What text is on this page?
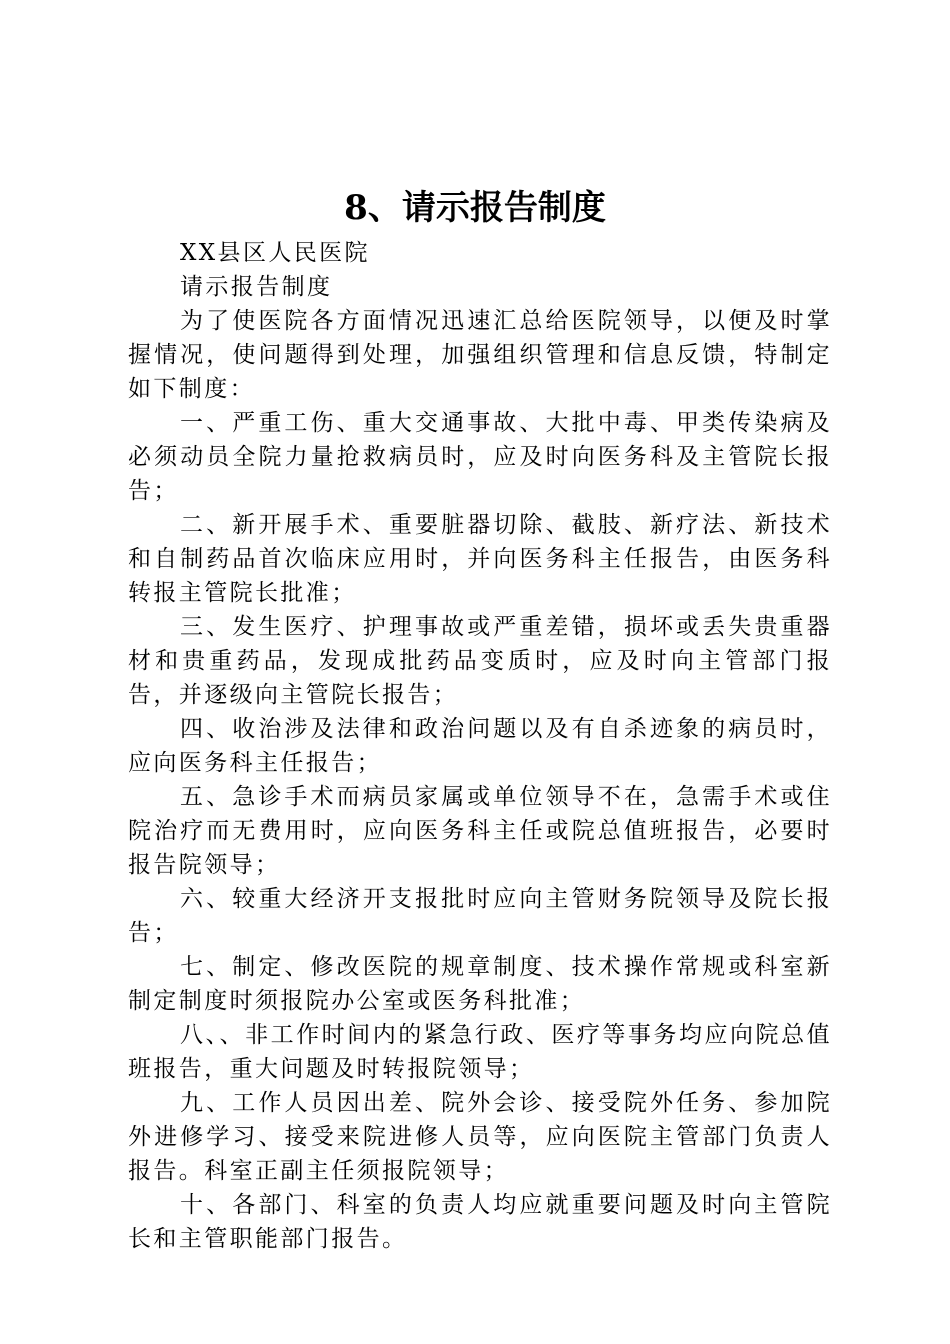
8、请示报告制度

XX县区人民医院

请示报告制度

为了使医院各方面情况迅速汇总给医院领导，以便及时掌握情况，使问题得到处理，加强组织管理和信息反馈，特制定如下制度：

一、严重工伤、重大交通事故、大批中毒、甲类传染病及必须动员全院力量抢救病员时，应及时向医务科及主管院长报告；

二、新开展手术、重要脏器切除、截肢、新疗法、新技术和自制药品首次临床应用时，并向医务科主任报告，由医务科转报主管院长批准；

三、发生医疗、护理事故或严重差错，损坏或丢失贵重器材和贵重药品，发现成批药品变质时，应及时向主管部门报告，并逐级向主管院长报告；

四、收治涉及法律和政治问题以及有自杀迹象的病员时，应向医务科主任报告；

五、急诊手术而病员家属或单位领导不在，急需手术或住院治疗而无费用时，应向医务科主任或院总值班报告，必要时报告院领导；

六、较重大经济开支报批时应向主管财务院领导及院长报告；

七、制定、修改医院的规章制度、技术操作常规或科室新制定制度时须报院办公室或医务科批准；

八、、非工作时间内的紧急行政、医疗等事务均应向院总值班报告，重大问题及时转报院领导；

九、工作人员因出差、院外会诊、接受院外任务、参加院外进修学习、接受来院进修人员等，应向医院主管部门负责人报告。科室正副主任须报院领导；

十、各部门、科室的负责人均应就重要问题及时向主管院长和主管职能部门报告。
